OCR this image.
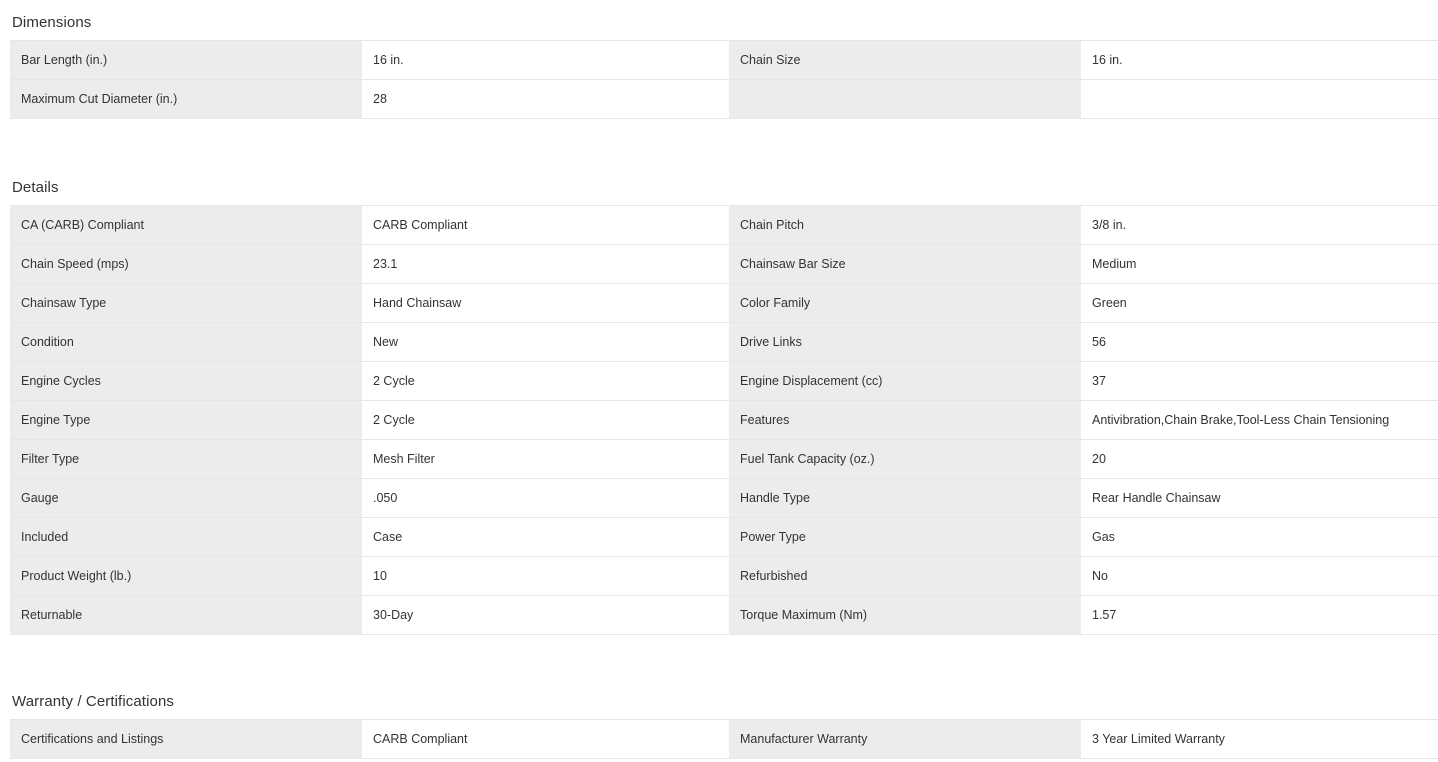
Dimensions
Bar Length (in.)	16 in.	Chain Size	16 in.
Maximum Cut Diameter (in.)	28		
Details
CA (CARB) Compliant	CARB Compliant	Chain Pitch	3/8 in.
Chain Speed (mps)	23.1	Chainsaw Bar Size	Medium
Chainsaw Type	Hand Chainsaw	Color Family	Green
Condition	New	Drive Links	56
Engine Cycles	2 Cycle	Engine Displacement (cc)	37
Engine Type	2 Cycle	Features	Antivibration,Chain Brake,Tool-Less Chain Tensioning
Filter Type	Mesh Filter	Fuel Tank Capacity (oz.)	20
Gauge	.050	Handle Type	Rear Handle Chainsaw
Included	Case	Power Type	Gas
Product Weight (lb.)	10	Refurbished	No
Returnable	30-Day	Torque Maximum (Nm)	1.57
Warranty / Certifications
Certifications and Listings	CARB Compliant	Manufacturer Warranty	3 Year Limited Warranty
